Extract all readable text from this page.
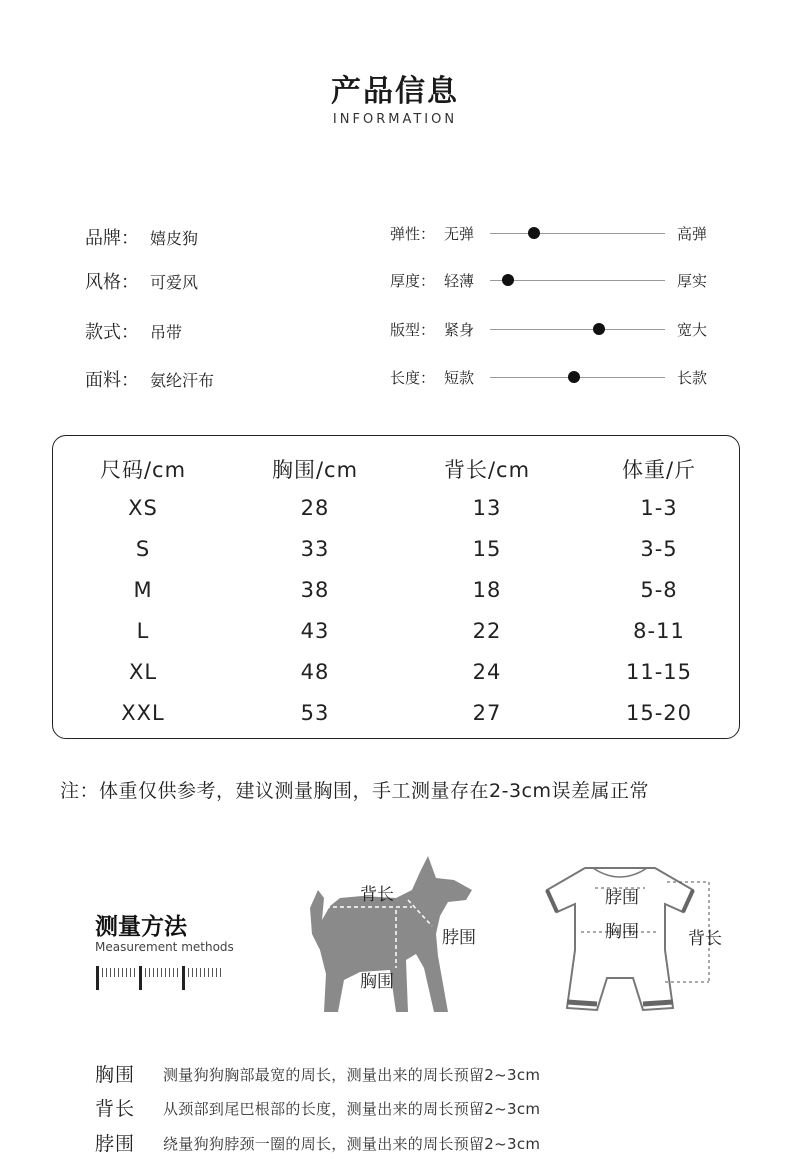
产品信息
INFORMATION
品牌： 嬉皮狗
风格： 可爱风
款式： 吊带
面料： 氨纶汗布
弹性： 无弹	高弹
厚度： 轻薄	厚实
版型： 紧身	宽大
长度： 短款	长款
尺码/cm	胸围/cm	背长/cm	体重/斤
XS	28	13	1-3
S	33	15	3-5
M	38	18	5-8
L	43	22	8-11
XL	48	24	11-15
XXL	53	27	15-20
注：体重仅供参考，建议测量胸围，手工测量存在2-3cm误差属正常
测量方法
Measurement methods
背长
脖围
胸围
脖围
胸围	背长
胸围 测量狗狗胸部最宽的周长，测量出来的周长预留2~3cm
背长 从颈部到尾巴根部的长度，测量出来的周长预留2~3cm
脖围 绕量狗狗脖颈一圈的周长，测量出来的周长预留2~3cm
